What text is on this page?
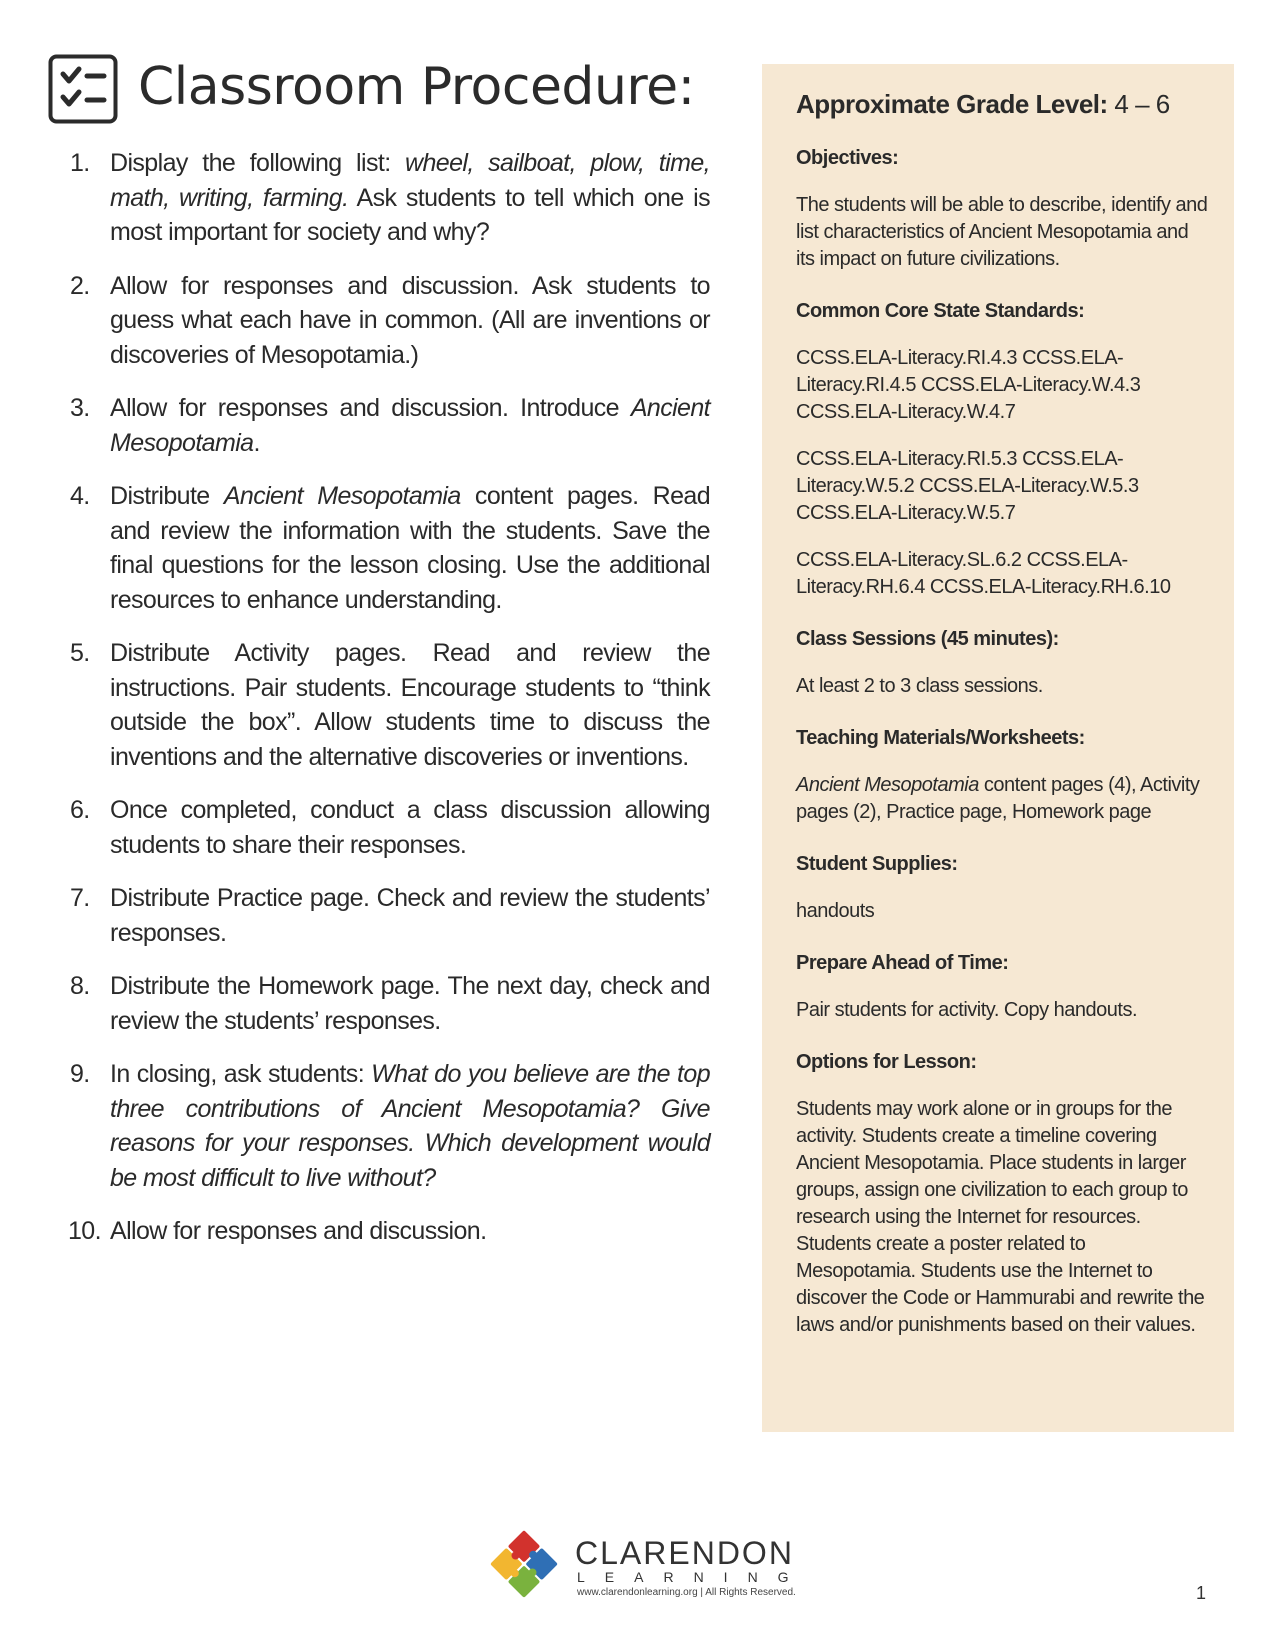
Classroom Procedure:
1. Display the following list: wheel, sailboat, plow, time, math, writing, farming. Ask students to tell which one is most important for society and why?
2. Allow for responses and discussion. Ask students to guess what each have in common. (All are inventions or discoveries of Mesopotamia.)
3. Allow for responses and discussion. Introduce Ancient Mesopotamia.
4. Distribute Ancient Mesopotamia content pages. Read and review the information with the students. Save the final questions for the lesson closing. Use the additional resources to enhance understanding.
5. Distribute Activity pages. Read and review the instructions. Pair students. Encourage students to “think outside the box”. Allow students time to discuss the inventions and the alternative discoveries or inventions.
6. Once completed, conduct a class discussion allowing students to share their responses.
7. Distribute Practice page. Check and review the students’ responses.
8. Distribute the Homework page. The next day, check and review the students’ responses.
9. In closing, ask students: What do you believe are the top three contributions of Ancient Mesopotamia? Give reasons for your responses. Which development would be most difficult to live without?
10. Allow for responses and discussion.
Approximate Grade Level: 4 – 6
Objectives:
The students will be able to describe, identify and list characteristics of Ancient Mesopotamia and its impact on future civilizations.
Common Core State Standards:
CCSS.ELA-Literacy.RI.4.3 CCSS.ELA-Literacy.RI.4.5 CCSS.ELA-Literacy.W.4.3 CCSS.ELA-Literacy.W.4.7
CCSS.ELA-Literacy.RI.5.3 CCSS.ELA-Literacy.W.5.2 CCSS.ELA-Literacy.W.5.3 CCSS.ELA-Literacy.W.5.7
CCSS.ELA-Literacy.SL.6.2 CCSS.ELA-Literacy.RH.6.4 CCSS.ELA-Literacy.RH.6.10
Class Sessions (45 minutes):
At least 2 to 3 class sessions.
Teaching Materials/Worksheets:
Ancient Mesopotamia content pages (4), Activity pages (2), Practice page, Homework page
Student Supplies:
handouts
Prepare Ahead of Time:
Pair students for activity. Copy handouts.
Options for Lesson:
Students may work alone or in groups for the activity. Students create a timeline covering Ancient Mesopotamia. Place students in larger groups, assign one civilization to each group to research using the Internet for resources. Students create a poster related to Mesopotamia. Students use the Internet to discover the Code or Hammurabi and rewrite the laws and/or punishments based on their values.
CLARENDON
LEARNING
www.clarendonlearning.org | All Rights Reserved.	1
